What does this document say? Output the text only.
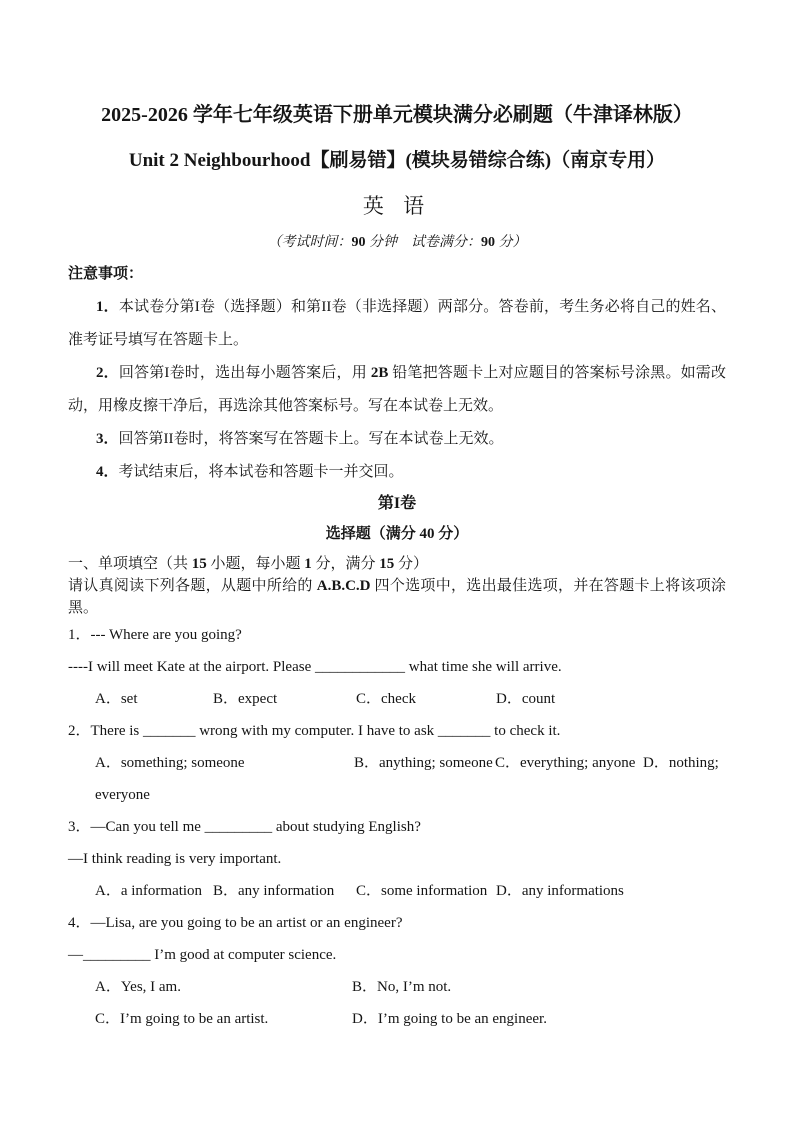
2025-2026 学年七年级英语下册单元模块满分必刷题（牛津译林版）
Unit 2 Neighbourhood【刷易错】(模块易错综合练)（南京专用）
英 语
（考试时间：90 分钟　试卷满分：90 分）
注意事项：

1．本试卷分第I卷（选择题）和第II卷（非选择题）两部分。答卷前，考生务必将自己的姓名、准考证号填写在答题卡上。

2．回答第I卷时，选出每小题答案后，用 2B 铅笔把答题卡上对应题目的答案标号涂黑。如需改动，用橡皮擦干净后，再选涂其他答案标号。写在本试卷上无效。

3．回答第II卷时，将答案写在答题卡上。写在本试卷上无效。

4．考试结束后，将本试卷和答题卡一并交回。

第I卷
选择题（满分 40 分）
一、单项填空（共 15 小题，每小题 1 分，满分 15 分）

请认真阅读下列各题，从题中所给的 A.B.C.D 四个选项中，选出最佳选项，并在答题卡上将该项涂黑。

1．--- Where are you going?

----I will meet Kate at the airport. Please ____________ what time she will arrive.

A．set	B．expect	C．check	D．count

2．There is _______ wrong with my computer. I have to ask _______ to check it.

A．something; someone	B．anything; someone C．everything; anyone D．nothing;

everyone

3．—Can you tell me _________ about studying English?

—I think reading is very important.

A．a information B．any information	C．some information D．any informations

4．—Lisa, are you going to be an artist or an engineer?

—_________ I’m good at computer science.

A．Yes, I am.	B．No, I’m not.
C．I’m going to be an artist.	D．I’m going to be an engineer.
